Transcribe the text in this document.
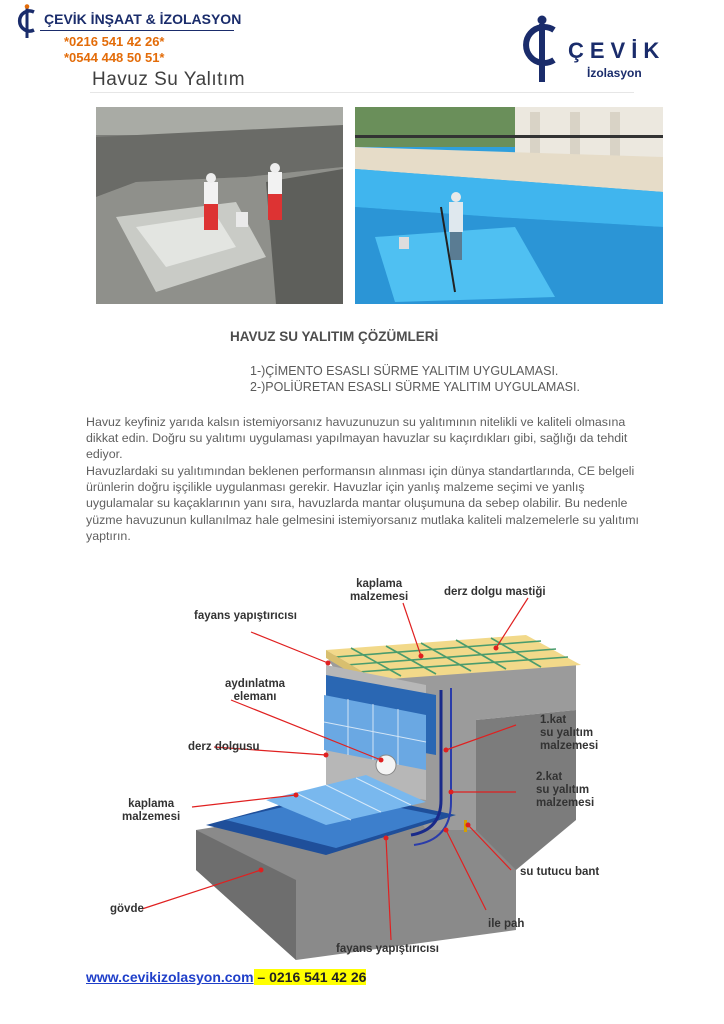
ÇEVİK İNŞAAT & İZOLASYON
*0216 541 42 26*
*0544 448 50 51*
Havuz Su Yalıtım
ÇEVİK
İzolasyon
HAVUZ SU YALITIM ÇÖZÜMLERİ
1-)ÇİMENTO ESASLI SÜRME YALITIM UYGULAMASI.
2-)POLİÜRETAN ESASLI SÜRME YALITIM UYGULAMASI.
Havuz keyfiniz yarıda kalsın istemiyorsanız havuzunuzun su yalıtımının nitelikli ve kaliteli olmasına dikkat edin. Doğru su yalıtımı uygulaması yapılmayan havuzlar su kaçırdıkları gibi, sağlığı da tehdit ediyor.
Havuzlardaki su yalıtımından beklenen performansın alınması için dünya standartlarında, CE belgeli ürünlerin doğru işçilikle uygulanması gerekir. Havuzlar için yanlış malzeme seçimi ve yanlış uygulamalar su kaçaklarının yanı sıra, havuzlarda mantar oluşumuna da sebep olabilir. Bu nedenle yüzme havuzunun kullanılmaz hale gelmesini istemiyorsanız mutlaka kaliteli malzemelerle su yalıtımı yaptırın.
kaplama
malzemesi	derz dolgu mastiği
fayans yapıştırıcısı
aydınlatma
elemanı
1.kat
su yalıtım
malzemesi
derz dolgusu
2.kat
su yalıtım
malzemesi
kaplama
malzemesi
su tutucu bant
gövde
ile pah
fayans yapıştırıcısı
www.cevikizolasyon.com – 0216 541 42 26
